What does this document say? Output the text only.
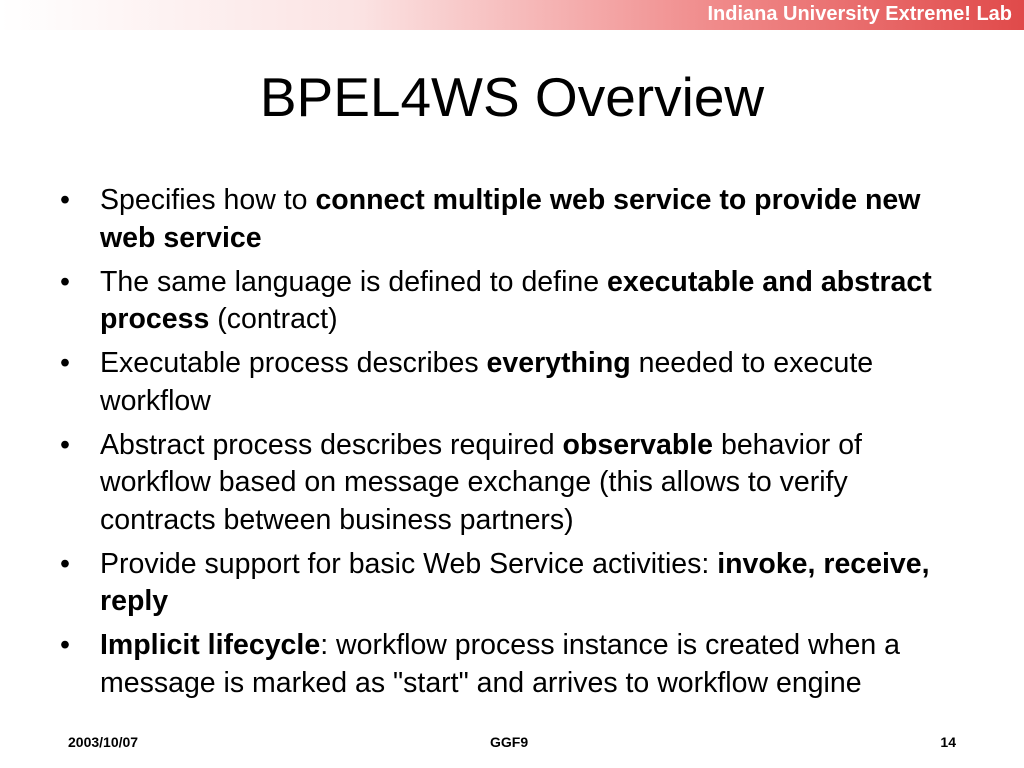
Indiana University Extreme! Lab
BPEL4WS Overview
• Specifies how to connect multiple web service to provide new web service
• The same language is defined to define executable and abstract process (contract)
• Executable process describes everything needed to execute workflow
• Abstract process describes required observable behavior of workflow based on message exchange (this allows to verify contracts between business partners)
• Provide support for basic Web Service activities: invoke, receive, reply
• Implicit lifecycle: workflow process instance is created when a message is marked as "start" and arrives to workflow engine
2003/10/07	GGF9	14
